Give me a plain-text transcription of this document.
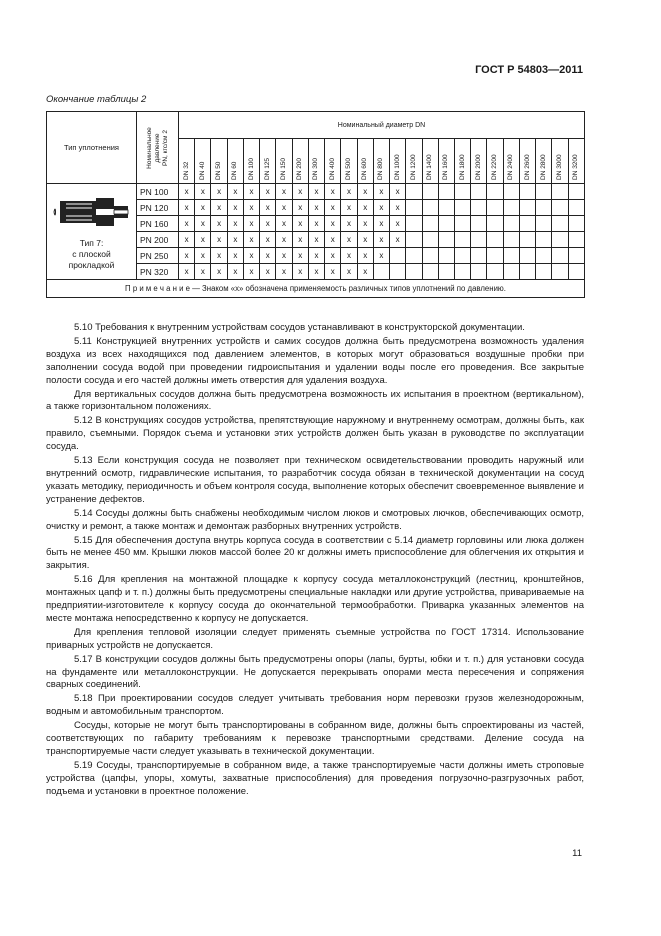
ГОСТ Р 54803—2011
Окончание таблицы 2
Тип уплотнения	Номинальное давление PN, кгс/см 2	Номинальный диаметр DN																								

		DN 32	DN 40	DN 50	DN 60	DN 100	DN 125	DN 150	DN 200	DN 300	DN 400	DN 500	DN 600	DN 800	DN 1000	DN 1200	DN 1400	DN 1600	DN 1800	DN 2000	DN 2200	DN 2400	DN 2600	DN 2800	DN 3000	DN 3200

Тип 7:
с плоской
прокладкой	PN 100	x	x	x	x	x	x	x	x	x	x	x	x	x	x											
	PN 120	x	x	x	x	x	x	x	x	x	x	x	x	x	x											
	PN 160	x	x	x	x	x	x	x	x	x	x	x	x	x	x											
	PN 200	x	x	x	x	x	x	x	x	x	x	x	x	x	x											
	PN 250	x	x	x	x	x	x	x	x	x	x	x	x	x												
	PN 320	x	x	x	x	x	x	x	x	x	x	x	x													
П р и м е ч а н и е — Знаком «х» обозначена применяемость различных типов уплотнений по давлению.																										

5.10 Требования к внутренним устройствам сосудов устанавливают в конструкторской документации.

5.11 Конструкцией внутренних устройств и самих сосудов должна быть предусмотрена возможность удаления воздуха из всех находящихся под давлением элементов, в которых могут образоваться воздушные пробки при заполнении сосуда водой при проведении гидроиспытания и удалении воды после его проведения. Все закрытые полости сосуда и его частей должны иметь отверстия для удаления воздуха.

Для вертикальных сосудов должна быть предусмотрена возможность их испытания в проектном (вертикальном), а также горизонтальном положениях.

5.12 В конструкциях сосудов устройства, препятствующие наружному и внутреннему осмотрам, должны быть, как правило, съемными. Порядок съема и установки этих устройств должен быть указан в руководстве по эксплуатации сосуда.

5.13 Если конструкция сосуда не позволяет при техническом освидетельствовании проводить наружный или внутренний осмотр, гидравлические испытания, то разработчик сосуда обязан в технической документации на сосуд указать методику, периодичность и объем контроля сосуда, выполнение которых обеспечит своевременное выявление и устранение дефектов.

5.14 Сосуды должны быть снабжены необходимым числом люков и смотровых лючков, обеспечивающих осмотр, очистку и ремонт, а также монтаж и демонтаж разборных внутренних устройств.

5.15 Для обеспечения доступа внутрь корпуса сосуда в соответствии с 5.14 диаметр горловины или люка должен быть не менее 450 мм. Крышки люков массой более 20 кг должны иметь приспособление для облегчения их открытия и закрытия.

5.16 Для крепления на монтажной площадке к корпусу сосуда металлоконструкций (лестниц, кронштейнов, монтажных цапф и т. п.) должны быть предусмотрены специальные накладки или другие устройства, привариваемые на предприятии-изготовителе к корпусу сосуда до окончательной термообработки. Приварка указанных элементов на месте монтажа непосредственно к корпусу не допускается.

Для крепления тепловой изоляции следует применять съемные устройства по ГОСТ 17314. Использование приварных устройств не допускается.

5.17 В конструкции сосудов должны быть предусмотрены опоры (лапы, бурты, юбки и т. п.) для установки сосуда на фундаменте или металлоконструкции. Не допускается перекрывать опорами места пересечения и сопряжения сварных соединений.

5.18 При проектировании сосудов следует учитывать требования норм перевозки грузов железнодорожным, водным и автомобильным транспортом.

Сосуды, которые не могут быть транспортированы в собранном виде, должны быть спроектированы из частей, соответствующих по габариту требованиям к перевозке транспортными средствами. Деление сосуда на транспортируемые части следует указывать в технической документации.

5.19 Сосуды, транспортируемые в собранном виде, а также транспортируемые части должны иметь строповые устройства (цапфы, упоры, хомуты, захватные приспособления) для проведения погрузочно-разгрузочных работ, подъема и установки в проектное положение.

11
